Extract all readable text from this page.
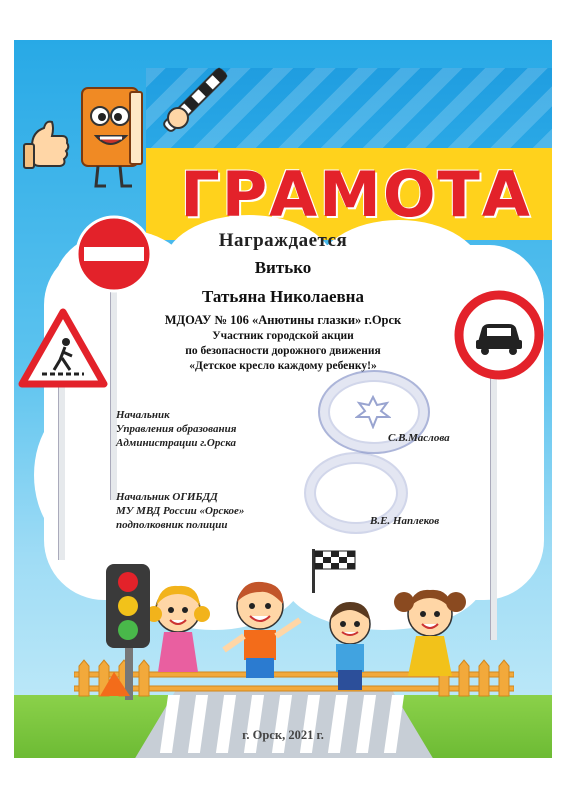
ГРАМОТА
Награждается
Витько
Татьяна Николаевна
МДОАУ № 106 «Анютины глазки» г.Орск
Участник городской акции
по безопасности дорожного движения
«Детское кресло каждому ребенку!»
Начальник
Управления образования
Администрации г.Орска	С.В.Маслова
Начальник ОГИБДД
МУ МВД России «Орское»
подполковник полиции	В.Е. Наплеков
г. Орск, 2021 г.
